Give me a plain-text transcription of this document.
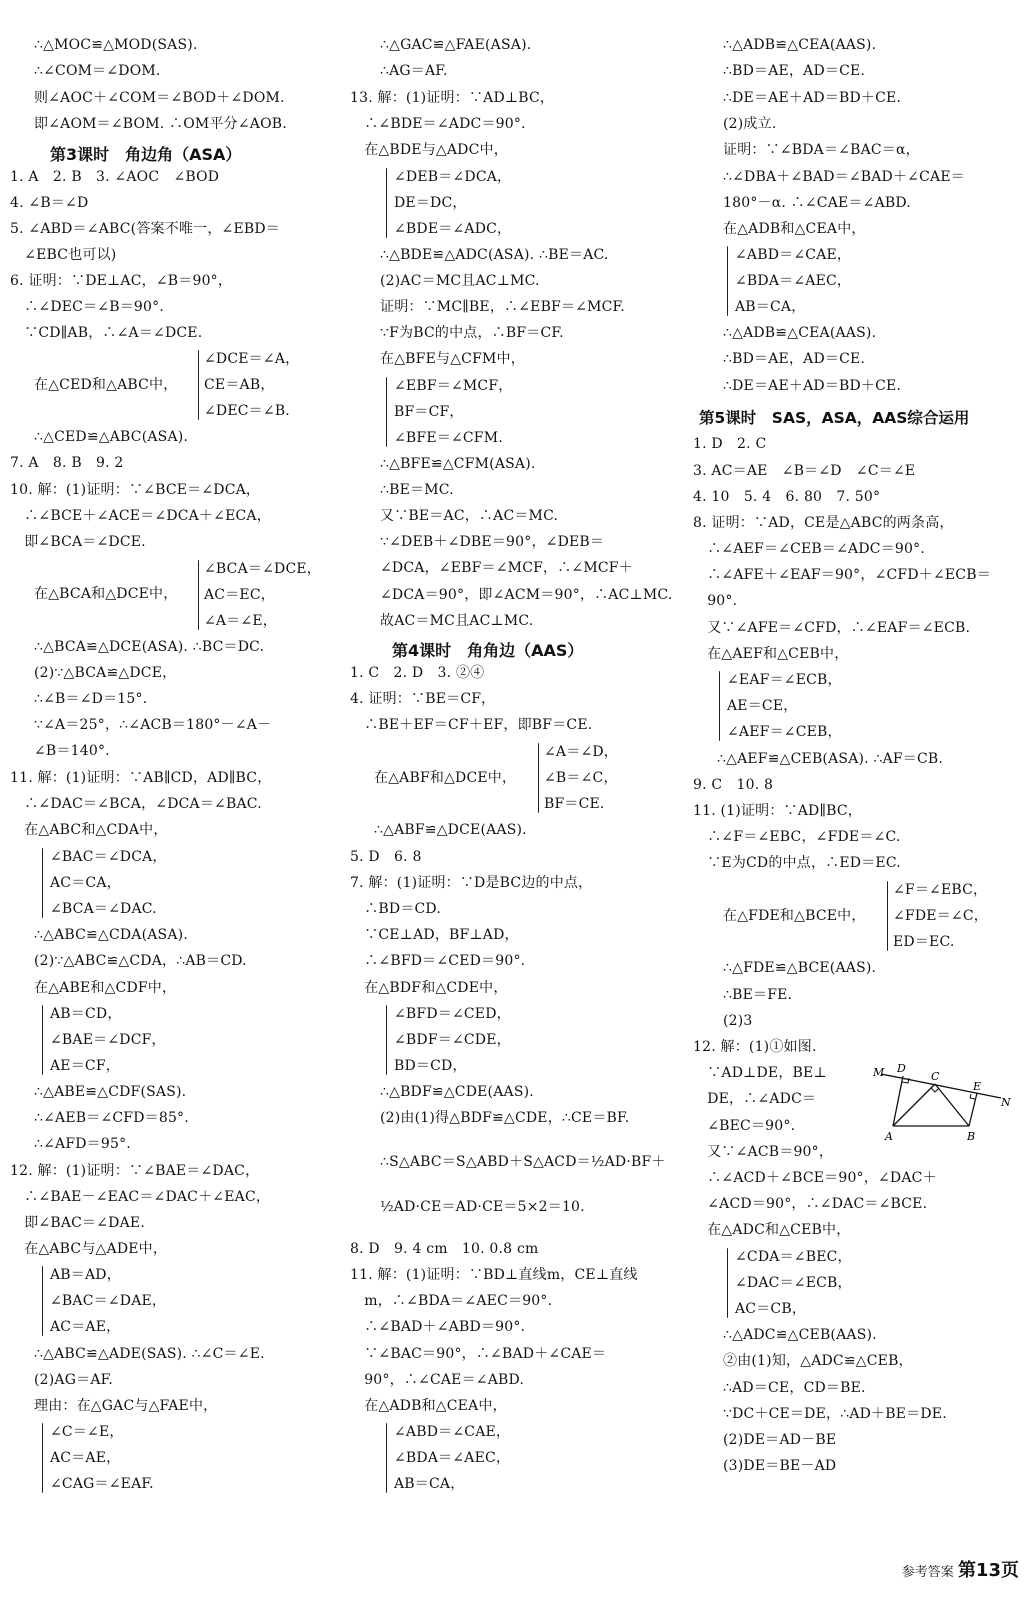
∴△MOC≌△MOD(SAS).
∴∠COM＝∠DOM.
则∠AOC＋∠COM＝∠BOD＋∠DOM.
即∠AOM＝∠BOM. ∴OM平分∠AOB.
第3课时　角边角（ASA）
1. A　2. B　3. ∠AOC　∠BOD
4. ∠B＝∠D
5. ∠ABD＝∠ABC(答案不唯一，∠EBD＝
　∠EBC也可以)
6. 证明：∵DE⊥AC，∠B＝90°，
　∴∠DEC＝∠B＝90°.
　∵CD∥AB，∴∠A＝∠DCE.
在△CED和△ABC中，
∠DCE＝∠A，
CE＝AB，
∠DEC＝∠B.
∴△CED≌△ABC(ASA).
7. A　8. B　9. 2
10. 解：(1)证明：∵∠BCE＝∠DCA，
　∴∠BCE＋∠ACE＝∠DCA＋∠ECA，
　即∠BCA＝∠DCE.
在△BCA和△DCE中，
∠BCA＝∠DCE，
AC＝EC，
∠A＝∠E，
∴△BCA≌△DCE(ASA). ∴BC＝DC.
(2)∵△BCA≌△DCE，
∴∠B＝∠D＝15°.
∵∠A＝25°，∴∠ACB＝180°－∠A－
∠B＝140°.
11. 解：(1)证明：∵AB∥CD，AD∥BC，
　∴∠DAC＝∠BCA，∠DCA＝∠BAC.
　在△ABC和△CDA中，
∠BAC＝∠DCA，
AC＝CA，
∠BCA＝∠DAC.
∴△ABC≌△CDA(ASA).
(2)∵△ABC≌△CDA，∴AB＝CD.
在△ABE和△CDF中，
AB＝CD，
∠BAE＝∠DCF，
AE＝CF，
∴△ABE≌△CDF(SAS).
∴∠AEB＝∠CFD＝85°.
∴∠AFD＝95°.
12. 解：(1)证明：∵∠BAE＝∠DAC，
　∴∠BAE－∠EAC＝∠DAC＋∠EAC，
　即∠BAC＝∠DAE.
　在△ABC与△ADE中，
AB＝AD，
∠BAC＝∠DAE，
AC＝AE，
∴△ABC≌△ADE(SAS). ∴∠C＝∠E.
(2)AG＝AF.
理由：在△GAC与△FAE中，
∠C＝∠E，
AC＝AE，
∠CAG＝∠EAF.
∴△GAC≌△FAE(ASA).
∴AG＝AF.
13. 解：(1)证明：∵AD⊥BC，
　∴∠BDE＝∠ADC＝90°.
　在△BDE与△ADC中，
∠DEB＝∠DCA，
DE＝DC，
∠BDE＝∠ADC，
∴△BDE≌△ADC(ASA). ∴BE＝AC.
(2)AC＝MC且AC⊥MC.
证明：∵MC∥BE，∴∠EBF＝∠MCF.
∵F为BC的中点，∴BF＝CF.
在△BFE与△CFM中，
∠EBF＝∠MCF，
BF＝CF，
∠BFE＝∠CFM.
∴△BFE≌△CFM(ASA).
∴BE＝MC.
又∵BE＝AC，∴AC＝MC.
∵∠DEB＋∠DBE＝90°，∠DEB＝
∠DCA，∠EBF＝∠MCF，∴∠MCF＋
∠DCA＝90°，即∠ACM＝90°，∴AC⊥MC.
故AC＝MC且AC⊥MC.
第4课时　角角边（AAS）
1. C　2. D　3. ②④
4. 证明：∵BE＝CF，
　∴BE＋EF＝CF＋EF，即BF＝CE.
在△ABF和△DCE中，
∠A＝∠D，
∠B＝∠C，
BF＝CE.
∴△ABF≌△DCE(AAS).
5. D　6. 8
7. 解：(1)证明：∵D是BC边的中点，
　∴BD＝CD.
　∵CE⊥AD，BF⊥AD，
　∴∠BFD＝∠CED＝90°.
　在△BDF和△CDE中，
∠BFD＝∠CED，
∠BDF＝∠CDE，
BD＝CD，
∴△BDF≌△CDE(AAS).
(2)由(1)得△BDF≌△CDE，∴CE＝BF.
∴S△ABC＝S△ABD＋S△ACD＝½AD·BF＋
½AD·CE＝AD·CE＝5×2＝10.
8. D　9. 4 cm　10. 0.8 cm
11. 解：(1)证明：∵BD⊥直线m，CE⊥直线
　m，∴∠BDA＝∠AEC＝90°.
　∴∠BAD＋∠ABD＝90°.
　∵∠BAC＝90°，∴∠BAD＋∠CAE＝
　90°，∴∠CAE＝∠ABD.
　在△ADB和△CEA中，
∠ABD＝∠CAE，
∠BDA＝∠AEC，
AB＝CA，
∴△ADB≌△CEA(AAS).
∴BD＝AE，AD＝CE.
∴DE＝AE＋AD＝BD＋CE.
(2)成立.
证明：∵∠BDA＝∠BAC＝α，
∴∠DBA＋∠BAD＝∠BAD＋∠CAE＝
180°－α. ∴∠CAE＝∠ABD.
在△ADB和△CEA中，
∠ABD＝∠CAE，
∠BDA＝∠AEC，
AB＝CA，
∴△ADB≌△CEA(AAS).
∴BD＝AE，AD＝CE.
∴DE＝AE＋AD＝BD＋CE.
第5课时　SAS，ASA，AAS综合运用
1. D　2. C
3. AC＝AE　∠B＝∠D　∠C＝∠E
4. 10　5. 4　6. 80　7. 50°
8. 证明：∵AD，CE是△ABC的两条高，
　∴∠AEF＝∠CEB＝∠ADC＝90°.
　∴∠AFE＋∠EAF＝90°，∠CFD＋∠ECB＝
　90°.
　又∵∠AFE＝∠CFD，∴∠EAF＝∠ECB.
　在△AEF和△CEB中，
∠EAF＝∠ECB，
AE＝CE，
∠AEF＝∠CEB，
∴△AEF≌△CEB(ASA). ∴AF＝CB.
9. C　10. 8
11. (1)证明：∵AD∥BC，
　∴∠F＝∠EBC，∠FDE＝∠C.
　∵E为CD的中点，∴ED＝EC.
在△FDE和△BCE中，
∠F＝∠EBC，
∠FDE＝∠C，
ED＝EC.
∴△FDE≌△BCE(AAS).
∴BE＝FE.
(2)3
12. 解：(1)①如图.
　∵AD⊥DE，BE⊥
　DE，∴∠ADC＝
　∠BEC＝90°.
　又∵∠ACB＝90°，
　∴∠ACD＋∠BCE＝90°，∠DAC＋
　∠ACD＝90°，∴∠DAC＝∠BCE.
　在△ADC和△CEB中，
∠CDA＝∠BEC，
∠DAC＝∠ECB，
AC＝CB，
∴△ADC≌△CEB(AAS).
②由(1)知，△ADC≌△CEB，
∴AD＝CE，CD＝BE.
∵DC＋CE＝DE，∴AD＋BE＝DE.
(2)DE＝AD－BE
(3)DE＝BE－AD
M D
C
E
N
A	B
参考答案 第13页
